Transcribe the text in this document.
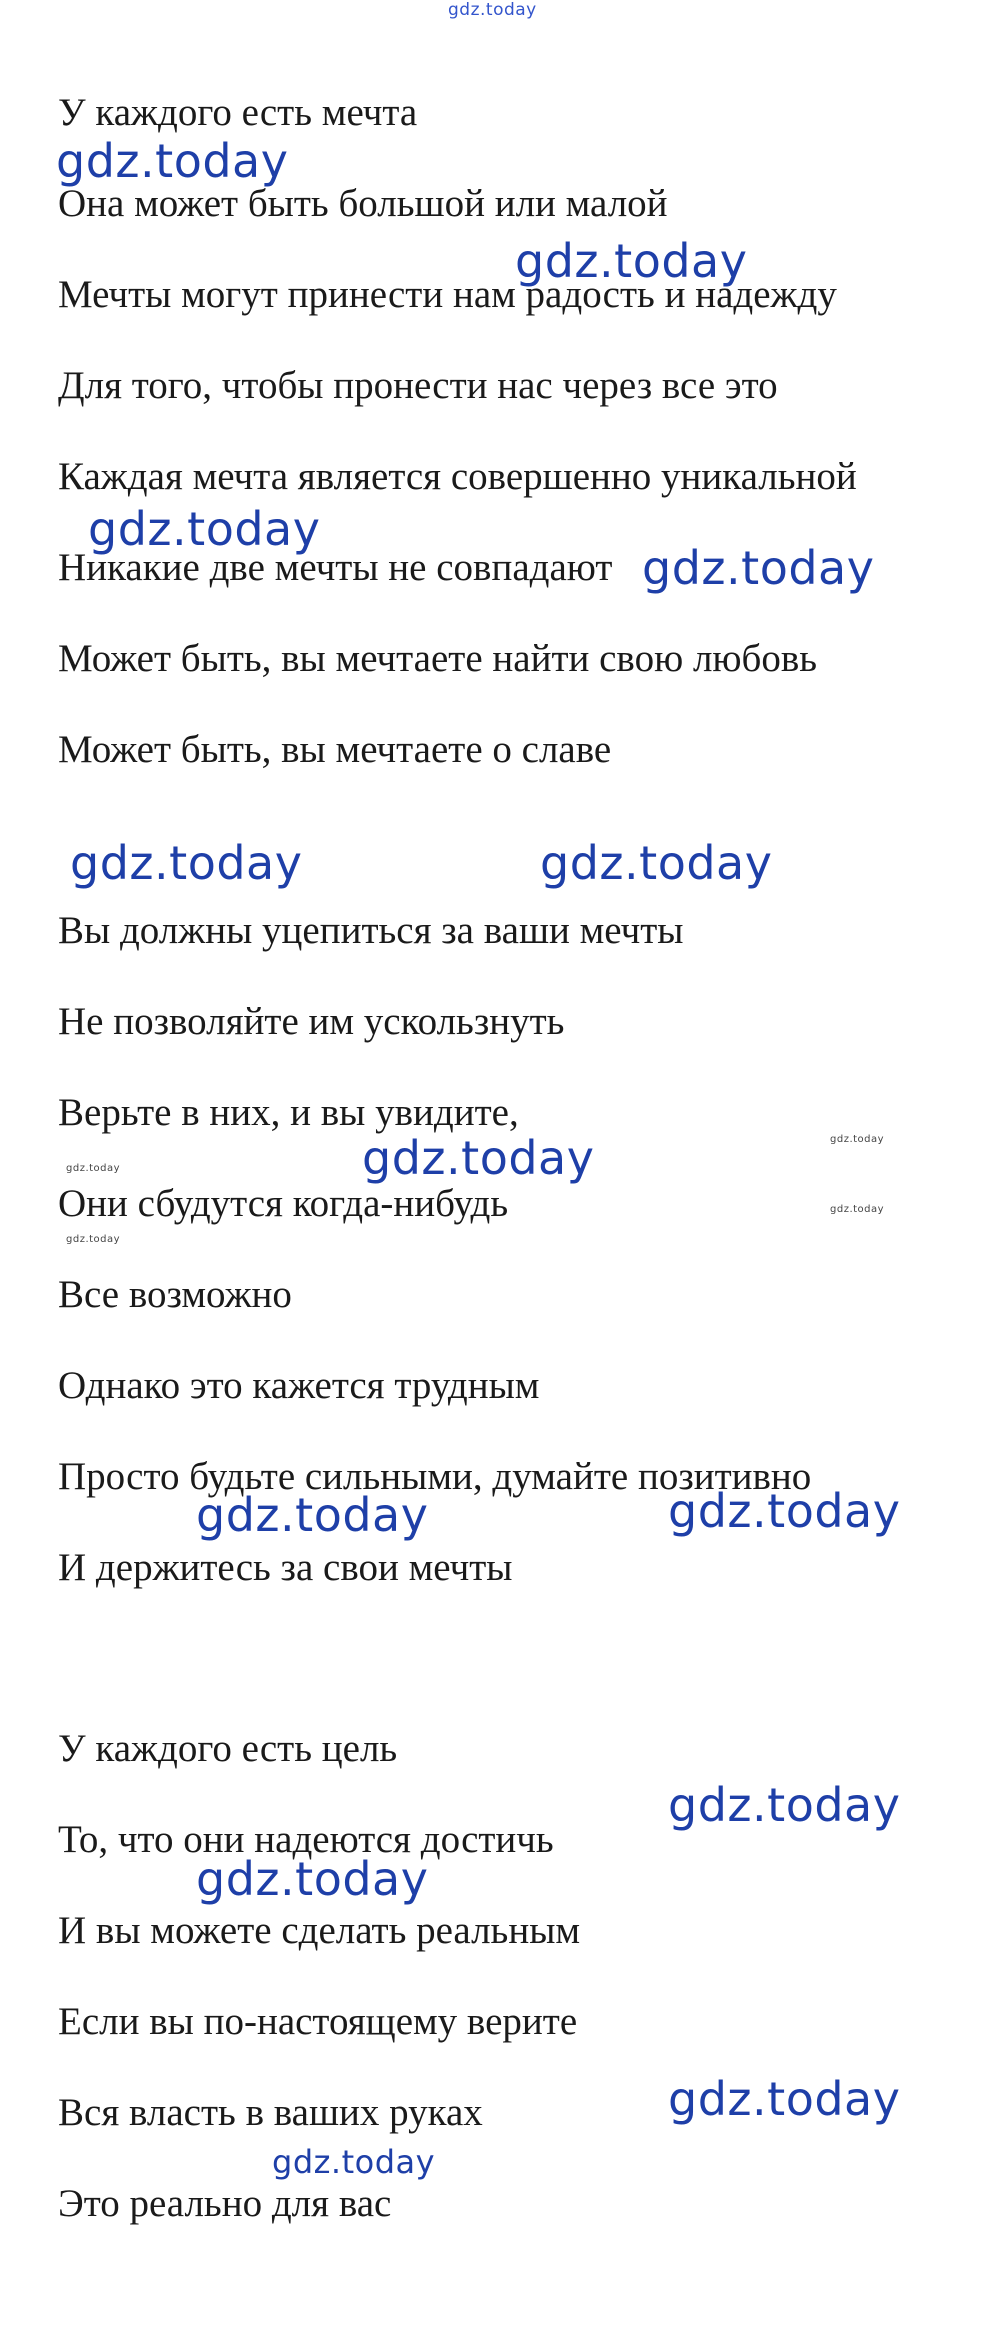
gdz.today
У каждого есть мечта
Она может быть большой или малой
Мечты могут принести нам радость и надежду
Для того, чтобы пронести нас через все это
Каждая мечта является совершенно уникальной
Никакие две мечты не совпадают
Может быть, вы мечтаете найти свою любовь
Может быть, вы мечтаете о славе
Вы должны уцепиться за ваши мечты
Не позволяйте им ускользнуть
Верьте в них, и вы увидите,
Они сбудутся когда-нибудь
Все возможно
Однако это кажется трудным
Просто будьте сильными, думайте позитивно
И держитесь за свои мечты
У каждого есть цель
То, что они надеются достичь
И вы можете сделать реальным
Если вы по-настоящему верите
Вся власть в ваших руках
Это реально для вас
gdz.today
gdz.today
gdz.today
gdz.today
gdz.today	gdz.today
gdz.today
gdz.today	gdz.today
gdz.today
gdz.today
gdz.today
gdz.today
gdz.today
gdz.today
gdz.today
gdz.today
